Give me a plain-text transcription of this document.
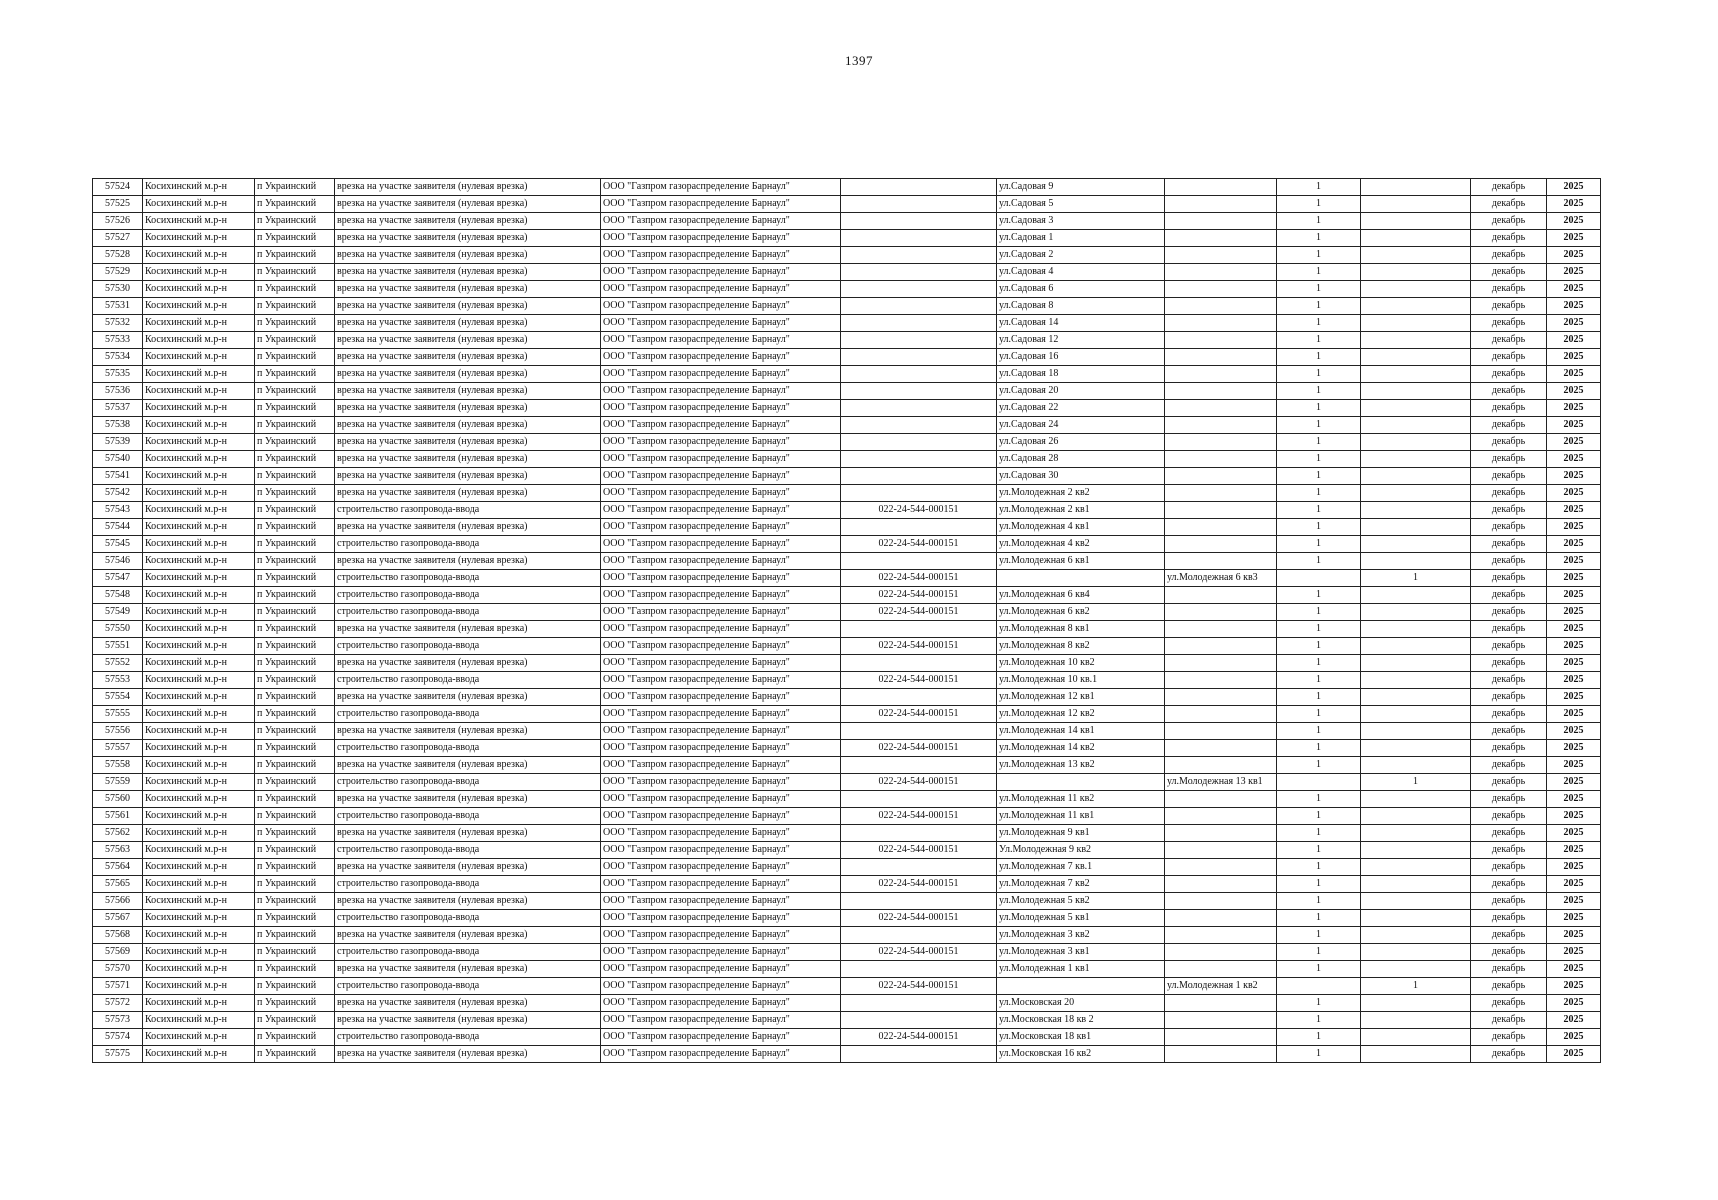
1397
57524	Косихинский м.р-н	п Украинский	врезка на участке заявителя (нулевая врезка)	ООО "Газпром газораспределение Барнаул"		ул.Садовая 9		1		декабрь	2025
57525	Косихинский м.р-н	п Украинский	врезка на участке заявителя (нулевая врезка)	ООО "Газпром газораспределение Барнаул"		ул.Садовая 5		1		декабрь	2025
57526	Косихинский м.р-н	п Украинский	врезка на участке заявителя (нулевая врезка)	ООО "Газпром газораспределение Барнаул"		ул.Садовая 3		1		декабрь	2025
57527	Косихинский м.р-н	п Украинский	врезка на участке заявителя (нулевая врезка)	ООО "Газпром газораспределение Барнаул"		ул.Садовая 1		1		декабрь	2025
57528	Косихинский м.р-н	п Украинский	врезка на участке заявителя (нулевая врезка)	ООО "Газпром газораспределение Барнаул"		ул.Садовая 2		1		декабрь	2025
57529	Косихинский м.р-н	п Украинский	врезка на участке заявителя (нулевая врезка)	ООО "Газпром газораспределение Барнаул"		ул.Садовая 4		1		декабрь	2025
57530	Косихинский м.р-н	п Украинский	врезка на участке заявителя (нулевая врезка)	ООО "Газпром газораспределение Барнаул"		ул.Садовая 6		1		декабрь	2025
57531	Косихинский м.р-н	п Украинский	врезка на участке заявителя (нулевая врезка)	ООО "Газпром газораспределение Барнаул"		ул.Садовая 8		1		декабрь	2025
57532	Косихинский м.р-н	п Украинский	врезка на участке заявителя (нулевая врезка)	ООО "Газпром газораспределение Барнаул"		ул.Садовая 14		1		декабрь	2025
57533	Косихинский м.р-н	п Украинский	врезка на участке заявителя (нулевая врезка)	ООО "Газпром газораспределение Барнаул"		ул.Садовая 12		1		декабрь	2025
57534	Косихинский м.р-н	п Украинский	врезка на участке заявителя (нулевая врезка)	ООО "Газпром газораспределение Барнаул"		ул.Садовая 16		1		декабрь	2025
57535	Косихинский м.р-н	п Украинский	врезка на участке заявителя (нулевая врезка)	ООО "Газпром газораспределение Барнаул"		ул.Садовая 18		1		декабрь	2025
57536	Косихинский м.р-н	п Украинский	врезка на участке заявителя (нулевая врезка)	ООО "Газпром газораспределение Барнаул"		ул.Садовая 20		1		декабрь	2025
57537	Косихинский м.р-н	п Украинский	врезка на участке заявителя (нулевая врезка)	ООО "Газпром газораспределение Барнаул"		ул.Садовая 22		1		декабрь	2025
57538	Косихинский м.р-н	п Украинский	врезка на участке заявителя (нулевая врезка)	ООО "Газпром газораспределение Барнаул"		ул.Садовая 24		1		декабрь	2025
57539	Косихинский м.р-н	п Украинский	врезка на участке заявителя (нулевая врезка)	ООО "Газпром газораспределение Барнаул"		ул.Садовая 26		1		декабрь	2025
57540	Косихинский м.р-н	п Украинский	врезка на участке заявителя (нулевая врезка)	ООО "Газпром газораспределение Барнаул"		ул.Садовая 28		1		декабрь	2025
57541	Косихинский м.р-н	п Украинский	врезка на участке заявителя (нулевая врезка)	ООО "Газпром газораспределение Барнаул"		ул.Садовая 30		1		декабрь	2025
57542	Косихинский м.р-н	п Украинский	врезка на участке заявителя (нулевая врезка)	ООО "Газпром газораспределение Барнаул"		ул.Молодежная 2 кв2		1		декабрь	2025
57543	Косихинский м.р-н	п Украинский	строительство газопровода-ввода	ООО "Газпром газораспределение Барнаул"	022-24-544-000151	ул.Молодежная 2 кв1		1		декабрь	2025
57544	Косихинский м.р-н	п Украинский	врезка на участке заявителя (нулевая врезка)	ООО "Газпром газораспределение Барнаул"		ул.Молодежная 4 кв1		1		декабрь	2025
57545	Косихинский м.р-н	п Украинский	строительство газопровода-ввода	ООО "Газпром газораспределение Барнаул"	022-24-544-000151	ул.Молодежная 4 кв2		1		декабрь	2025
57546	Косихинский м.р-н	п Украинский	врезка на участке заявителя (нулевая врезка)	ООО "Газпром газораспределение Барнаул"		ул.Молодежная 6 кв1		1		декабрь	2025
57547	Косихинский м.р-н	п Украинский	строительство газопровода-ввода	ООО "Газпром газораспределение Барнаул"	022-24-544-000151		ул.Молодежная 6 кв3		1	декабрь	2025
57548	Косихинский м.р-н	п Украинский	строительство газопровода-ввода	ООО "Газпром газораспределение Барнаул"	022-24-544-000151	ул.Молодежная 6 кв4		1		декабрь	2025
57549	Косихинский м.р-н	п Украинский	строительство газопровода-ввода	ООО "Газпром газораспределение Барнаул"	022-24-544-000151	ул.Молодежная 6 кв2		1		декабрь	2025
57550	Косихинский м.р-н	п Украинский	врезка на участке заявителя (нулевая врезка)	ООО "Газпром газораспределение Барнаул"		ул.Молодежная 8 кв1		1		декабрь	2025
57551	Косихинский м.р-н	п Украинский	строительство газопровода-ввода	ООО "Газпром газораспределение Барнаул"	022-24-544-000151	ул.Молодежная 8 кв2		1		декабрь	2025
57552	Косихинский м.р-н	п Украинский	врезка на участке заявителя (нулевая врезка)	ООО "Газпром газораспределение Барнаул"		ул.Молодежная 10 кв2		1		декабрь	2025
57553	Косихинский м.р-н	п Украинский	строительство газопровода-ввода	ООО "Газпром газораспределение Барнаул"	022-24-544-000151	ул.Молодежная 10 кв.1		1		декабрь	2025
57554	Косихинский м.р-н	п Украинский	врезка на участке заявителя (нулевая врезка)	ООО "Газпром газораспределение Барнаул"		ул.Молодежная 12 кв1		1		декабрь	2025
57555	Косихинский м.р-н	п Украинский	строительство газопровода-ввода	ООО "Газпром газораспределение Барнаул"	022-24-544-000151	ул.Молодежная 12 кв2		1		декабрь	2025
57556	Косихинский м.р-н	п Украинский	врезка на участке заявителя (нулевая врезка)	ООО "Газпром газораспределение Барнаул"		ул.Молодежная 14 кв1		1		декабрь	2025
57557	Косихинский м.р-н	п Украинский	строительство газопровода-ввода	ООО "Газпром газораспределение Барнаул"	022-24-544-000151	ул.Молодежная 14 кв2		1		декабрь	2025
57558	Косихинский м.р-н	п Украинский	врезка на участке заявителя (нулевая врезка)	ООО "Газпром газораспределение Барнаул"		ул.Молодежная 13 кв2		1		декабрь	2025
57559	Косихинский м.р-н	п Украинский	строительство газопровода-ввода	ООО "Газпром газораспределение Барнаул"	022-24-544-000151		ул.Молодежная 13 кв1		1	декабрь	2025
57560	Косихинский м.р-н	п Украинский	врезка на участке заявителя (нулевая врезка)	ООО "Газпром газораспределение Барнаул"		ул.Молодежная 11 кв2		1		декабрь	2025
57561	Косихинский м.р-н	п Украинский	строительство газопровода-ввода	ООО "Газпром газораспределение Барнаул"	022-24-544-000151	ул.Молодежная 11 кв1		1		декабрь	2025
57562	Косихинский м.р-н	п Украинский	врезка на участке заявителя (нулевая врезка)	ООО "Газпром газораспределение Барнаул"		ул.Молодежная 9 кв1		1		декабрь	2025
57563	Косихинский м.р-н	п Украинский	строительство газопровода-ввода	ООО "Газпром газораспределение Барнаул"	022-24-544-000151	Ул.Молодежная 9 кв2		1		декабрь	2025
57564	Косихинский м.р-н	п Украинский	врезка на участке заявителя (нулевая врезка)	ООО "Газпром газораспределение Барнаул"		ул.Молодежная 7 кв.1		1		декабрь	2025
57565	Косихинский м.р-н	п Украинский	строительство газопровода-ввода	ООО "Газпром газораспределение Барнаул"	022-24-544-000151	ул.Молодежная 7 кв2		1		декабрь	2025
57566	Косихинский м.р-н	п Украинский	врезка на участке заявителя (нулевая врезка)	ООО "Газпром газораспределение Барнаул"		ул.Молодежная 5 кв2		1		декабрь	2025
57567	Косихинский м.р-н	п Украинский	строительство газопровода-ввода	ООО "Газпром газораспределение Барнаул"	022-24-544-000151	ул.Молодежная 5 кв1		1		декабрь	2025
57568	Косихинский м.р-н	п Украинский	врезка на участке заявителя (нулевая врезка)	ООО "Газпром газораспределение Барнаул"		ул.Молодежная 3 кв2		1		декабрь	2025
57569	Косихинский м.р-н	п Украинский	строительство газопровода-ввода	ООО "Газпром газораспределение Барнаул"	022-24-544-000151	ул.Молодежная 3 кв1		1		декабрь	2025
57570	Косихинский м.р-н	п Украинский	врезка на участке заявителя (нулевая врезка)	ООО "Газпром газораспределение Барнаул"		ул.Молодежная 1 кв1		1		декабрь	2025
57571	Косихинский м.р-н	п Украинский	строительство газопровода-ввода	ООО "Газпром газораспределение Барнаул"	022-24-544-000151		ул.Молодежная 1 кв2		1	декабрь	2025
57572	Косихинский м.р-н	п Украинский	врезка на участке заявителя (нулевая врезка)	ООО "Газпром газораспределение Барнаул"		ул.Московская 20		1		декабрь	2025
57573	Косихинский м.р-н	п Украинский	врезка на участке заявителя (нулевая врезка)	ООО "Газпром газораспределение Барнаул"		ул.Московская 18 кв 2		1		декабрь	2025
57574	Косихинский м.р-н	п Украинский	строительство газопровода-ввода	ООО "Газпром газораспределение Барнаул"	022-24-544-000151	ул.Московская 18 кв1		1		декабрь	2025
57575	Косихинский м.р-н	п Украинский	врезка на участке заявителя (нулевая врезка)	ООО "Газпром газораспределение Барнаул"		ул.Московская 16 кв2		1		декабрь	2025
